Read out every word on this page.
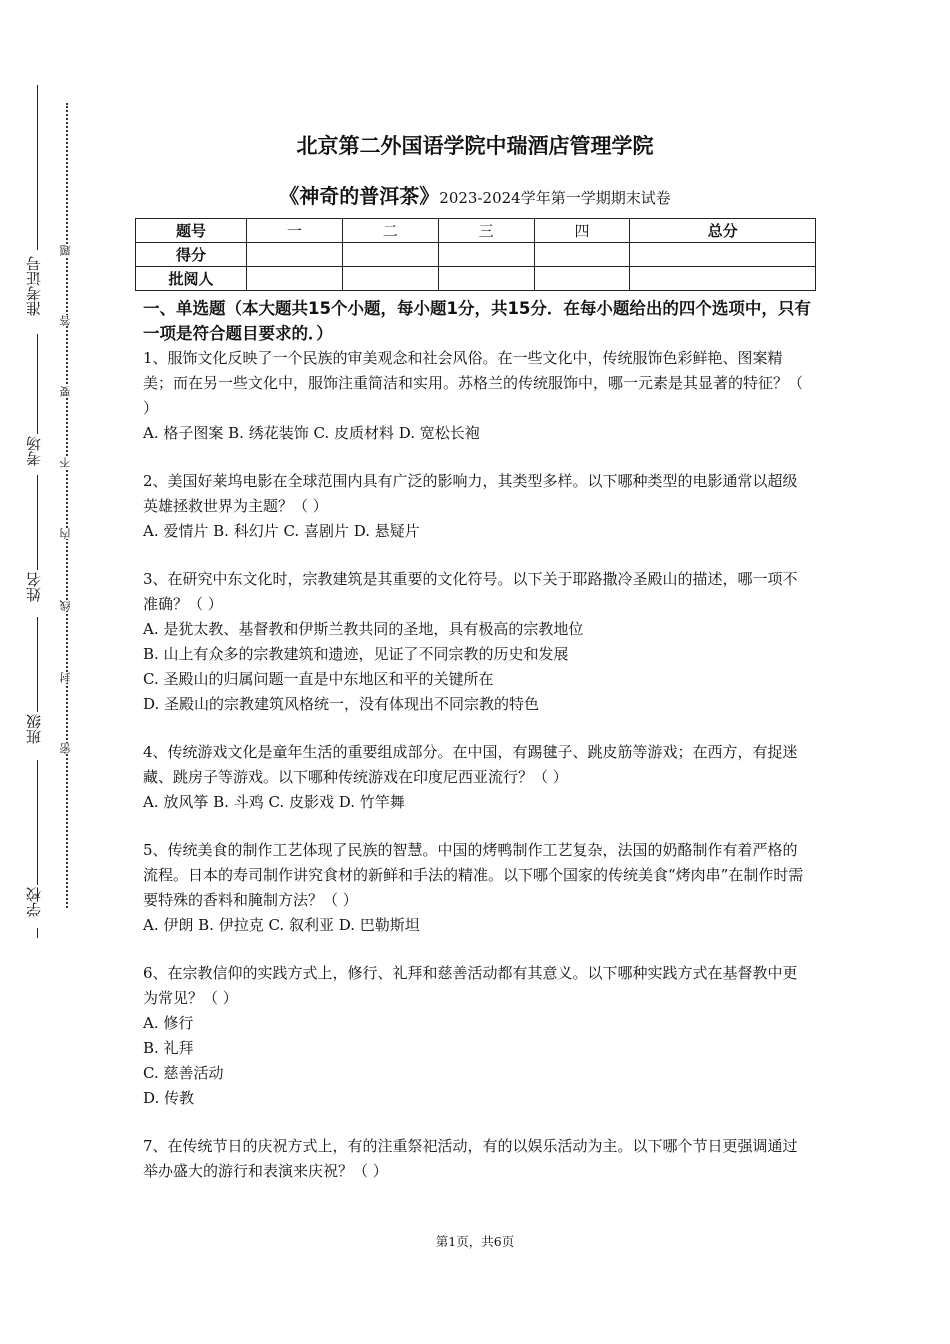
准考证号
考场
姓名
班级
学校
题
答
要
不
内
线
封
密
北京第二外国语学院中瑞酒店管理学院
《神奇的普洱茶》2023-2024学年第一学期期末试卷
题号	一	二	三	四	总分
得分					
批阅人					

一、单选题（本大题共15个小题，每小题1分，共15分．在每小题给出的四个选项中，只有一项是符合题目要求的．）

1、服饰文化反映了一个民族的审美观念和社会风俗。在一些文化中，传统服饰色彩鲜艳、图案精美；而在另一些文化中，服饰注重简洁和实用。苏格兰的传统服饰中，哪一元素是其显著的特征？（ ）

A. 格子图案 B. 绣花装饰 C. 皮质材料 D. 宽松长袍

2、美国好莱坞电影在全球范围内具有广泛的影响力，其类型多样。以下哪种类型的电影通常以超级英雄拯救世界为主题？（ ）

A. 爱情片 B. 科幻片 C. 喜剧片 D. 悬疑片

3、在研究中东文化时，宗教建筑是其重要的文化符号。以下关于耶路撒冷圣殿山的描述，哪一项不准确？（ ）

A. 是犹太教、基督教和伊斯兰教共同的圣地，具有极高的宗教地位

B. 山上有众多的宗教建筑和遗迹，见证了不同宗教的历史和发展

C. 圣殿山的归属问题一直是中东地区和平的关键所在

D. 圣殿山的宗教建筑风格统一，没有体现出不同宗教的特色

4、传统游戏文化是童年生活的重要组成部分。在中国，有踢毽子、跳皮筋等游戏；在西方，有捉迷藏、跳房子等游戏。以下哪种传统游戏在印度尼西亚流行？（ ）

A. 放风筝 B. 斗鸡 C. 皮影戏 D. 竹竿舞

5、传统美食的制作工艺体现了民族的智慧。中国的烤鸭制作工艺复杂，法国的奶酪制作有着严格的流程。日本的寿司制作讲究食材的新鲜和手法的精准。以下哪个国家的传统美食“烤肉串”在制作时需要特殊的香料和腌制方法？（ ）

A. 伊朗 B. 伊拉克 C. 叙利亚 D. 巴勒斯坦

6、在宗教信仰的实践方式上，修行、礼拜和慈善活动都有其意义。以下哪种实践方式在基督教中更为常见？（ ）

A. 修行

B. 礼拜

C. 慈善活动

D. 传教

7、在传统节日的庆祝方式上，有的注重祭祀活动，有的以娱乐活动为主。以下哪个节日更强调通过举办盛大的游行和表演来庆祝？（ ）

第1页，共6页
